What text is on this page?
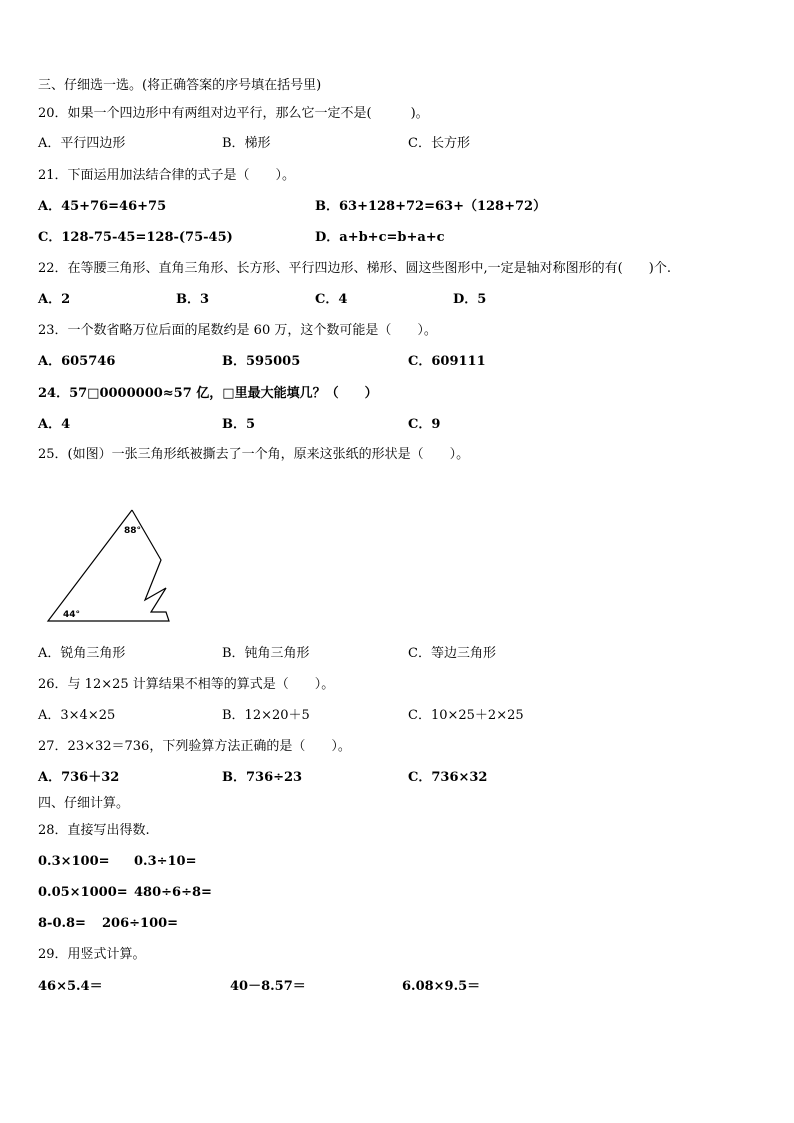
三、仔细选一选。(将正确答案的序号填在括号里)
20．如果一个四边形中有两组对边平行，那么它一定不是(　　　)。
A．平行四边形	B．梯形	C．长方形
21．下面运用加法结合律的式子是（　　）。
A．45+76=46+75	B．63+128+72=63+（128+72）
C．128-75-45=128-(75-45)	D．a+b+c=b+a+c
22．在等腰三角形、直角三角形、长方形、平行四边形、梯形、圆这些图形中,一定是轴对称图形的有(　　)个.
A．2	B．3	C．4	D．5
23．一个数省略万位后面的尾数约是 60 万，这个数可能是（　　）。
A．605746	B．595005	C．609111
24．57□0000000≈57 亿，□里最大能填几？（　　）
A．4	B．5	C．9
25．(如图）一张三角形纸被撕去了一个角，原来这张纸的形状是（　　）。
88°
44°
A．锐角三角形	B．钝角三角形	C．等边三角形
26．与 12×25 计算结果不相等的算式是（　　）。
A．3×4×25	B．12×20＋5	C．10×25＋2×25
27．23×32＝736，下列验算方法正确的是（　　）。
A．736＋32	B．736÷23	C．736×32
四、仔细计算。
28．直接写出得数.
0.3×100= 0.3÷10=
0.05×1000= 480÷6÷8=
8-0.8= 206÷100=
29．用竖式计算。
46×5.4＝	40－8.57＝	6.08×9.5＝
